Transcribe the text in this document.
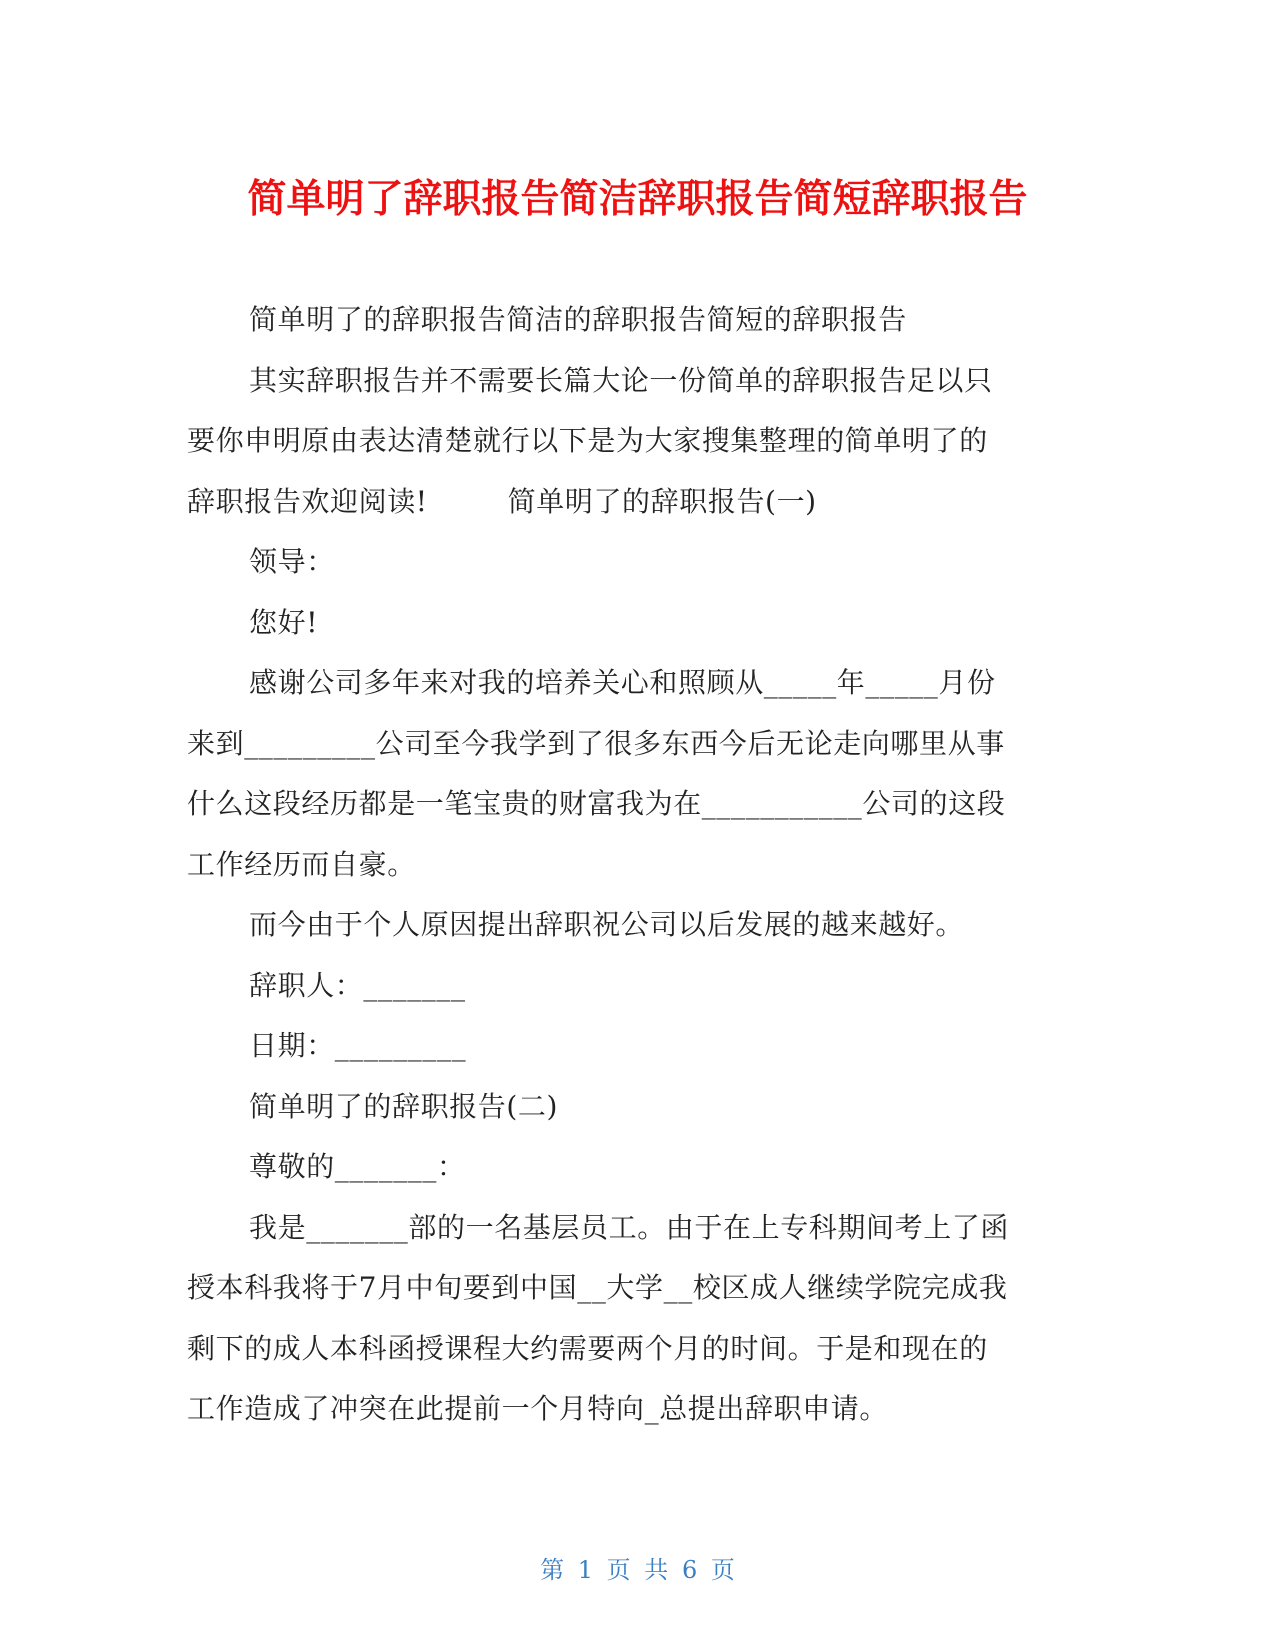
简单明了辞职报告简洁辞职报告简短辞职报告
简单明了的辞职报告简洁的辞职报告简短的辞职报告
其实辞职报告并不需要长篇大论一份简单的辞职报告足以只
要你申明原由表达清楚就行以下是为大家搜集整理的简单明了的
辞职报告欢迎阅读!	简单明了的辞职报告(一)
领导：
您好!
感谢公司多年来对我的培养关心和照顾从_____年_____月份
来到_________公司至今我学到了很多东西今后无论走向哪里从事
什么这段经历都是一笔宝贵的财富我为在___________公司的这段
工作经历而自豪。
而今由于个人原因提出辞职祝公司以后发展的越来越好。
辞职人：_______
日期：_________
简单明了的辞职报告(二)
尊敬的_______：
我是_______部的一名基层员工。由于在上专科期间考上了函
授本科我将于7月中旬要到中国__大学__校区成人继续学院完成我
剩下的成人本科函授课程大约需要两个月的时间。于是和现在的
工作造成了冲突在此提前一个月特向_总提出辞职申请。
第 1 页 共 6 页
